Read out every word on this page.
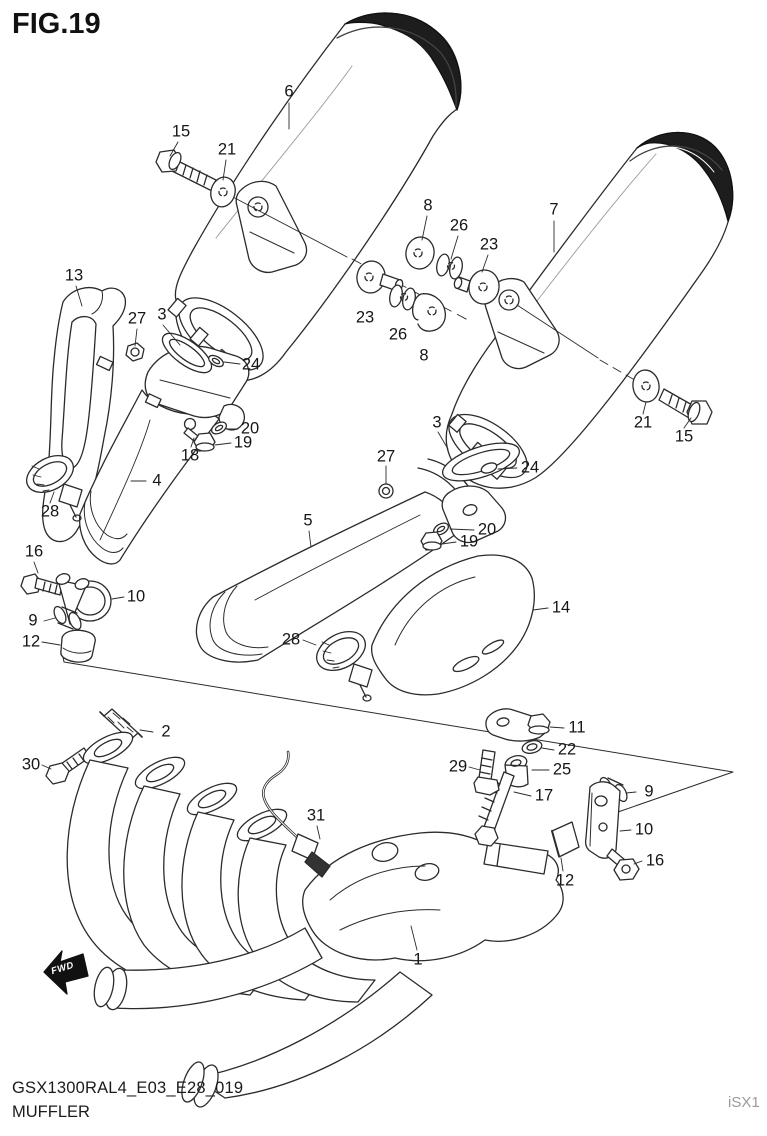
FIG.19
6
15
21
8
26
23
7
13
27 3	23
26
8
24
20
19
18
4
28
16
10
9
12
5
3
27
24
20
19
21
15
14
28
2
30	29
11
22
25
17
31
9
10
16
12
1
FWD
GSX1300RAL4_E03_E28_019
MUFFLER
iSX1
